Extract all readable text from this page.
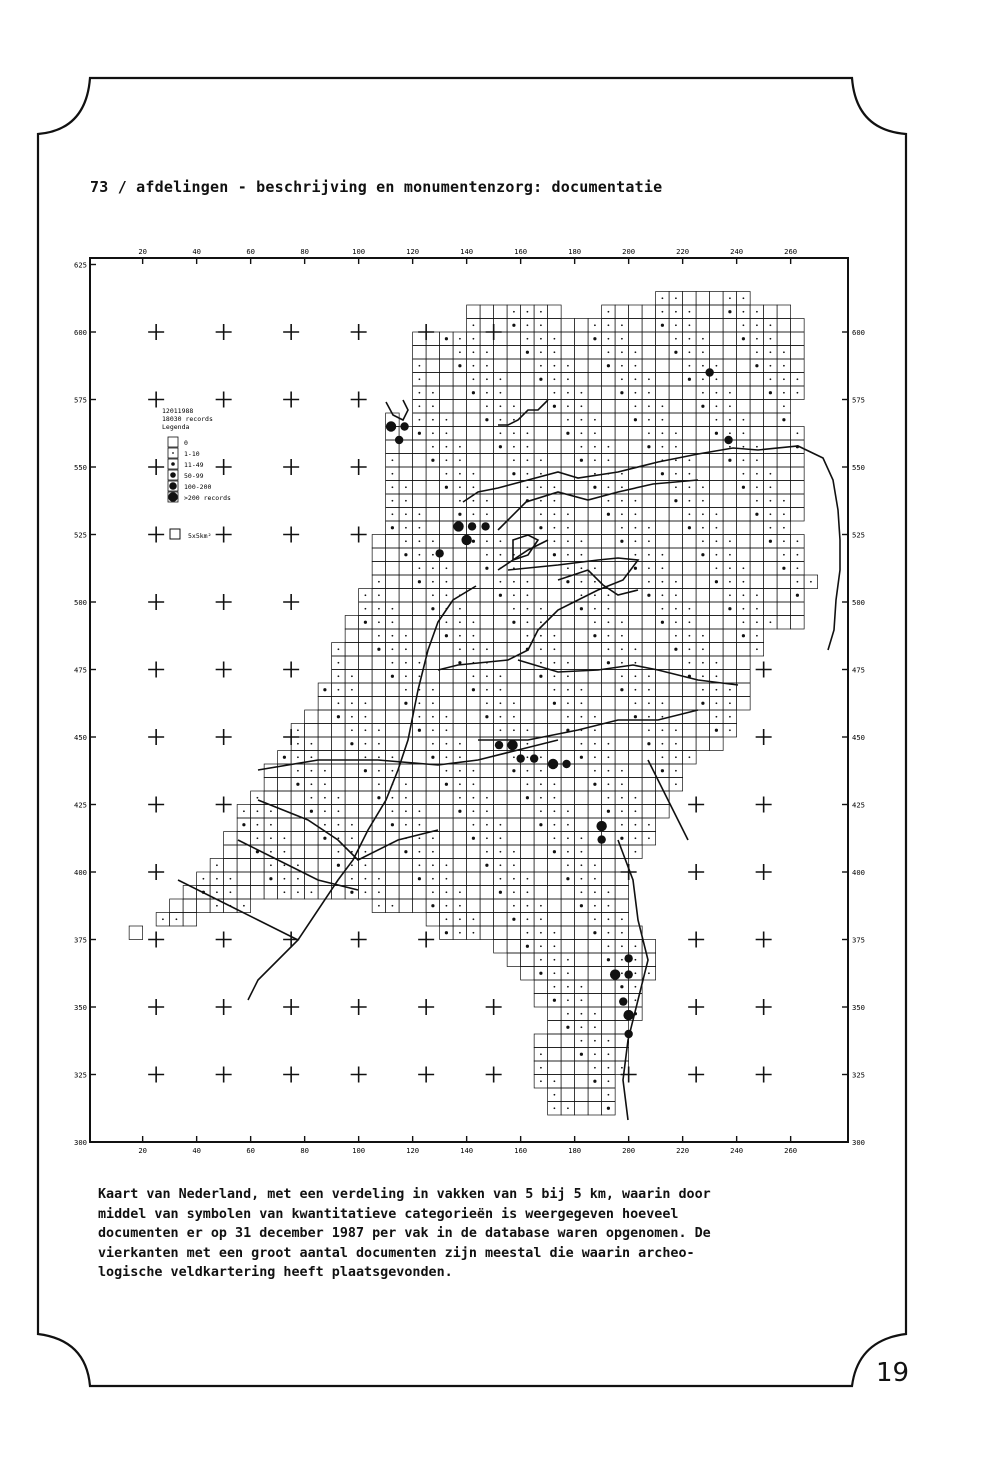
73 / afdelingen - beschrijving en monumentenzorg: documentatie
20	40	60	80	100	120	140	160	180	200	220	240	260
20	40	60	80	100	120	140	160	180	200	220	240	260
625
600
575
550
525
500
475
450
425
400
375
350
325
300
600
575
550
525
500
475
450
425
400
375
350
325
300
12011988
18030 records
Legenda
0
1-10
11-49
50-99
100-200
>200 records
5x5km²

Kaart van Nederland, met een verdeling in vakken van 5 bij 5 km, waarin door

middel van symbolen van kwantitatieve categorieën is weergegeven hoeveel

documenten er op 31 december 1987 per vak in de database waren opgenomen. De

vierkanten met een groot aantal documenten zijn meestal die waarin archeo-

logische veldkartering heeft plaatsgevonden.

19
